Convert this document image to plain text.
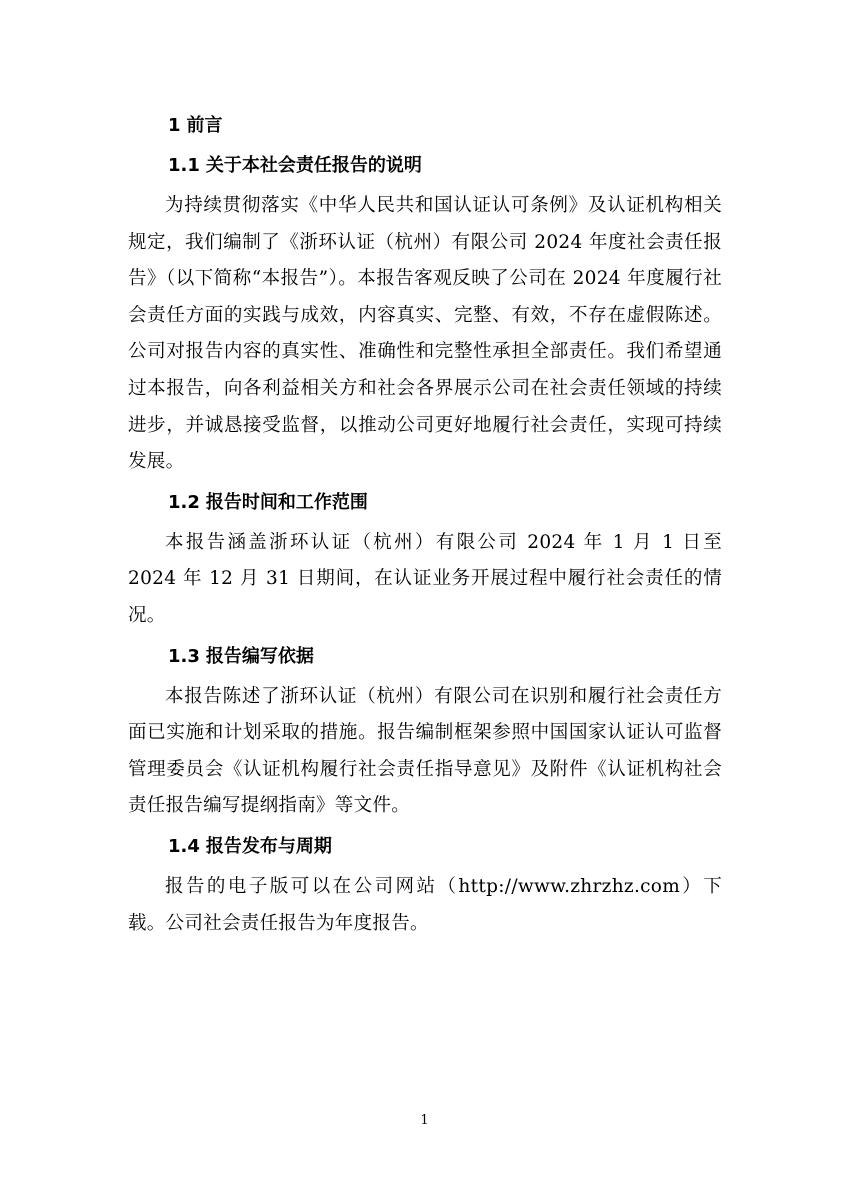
1 前言
1.1 关于本社会责任报告的说明

为持续贯彻落实《中华人民共和国认证认可条例》及认证机构相关规定，我们编制了《浙环认证（杭州）有限公司 2024 年度社会责任报告》（以下简称“本报告”）。本报告客观反映了公司在 2024 年度履行社会责任方面的实践与成效，内容真实、完整、有效，不存在虚假陈述。公司对报告内容的真实性、准确性和完整性承担全部责任。我们希望通过本报告，向各利益相关方和社会各界展示公司在社会责任领域的持续进步，并诚恳接受监督，以推动公司更好地履行社会责任，实现可持续发展。

1.2 报告时间和工作范围

本报告涵盖浙环认证（杭州）有限公司 2024 年 1 月 1 日至 2024 年 12 月 31 日期间，在认证业务开展过程中履行社会责任的情况。

1.3 报告编写依据

本报告陈述了浙环认证（杭州）有限公司在识别和履行社会责任方面已实施和计划采取的措施。报告编制框架参照中国国家认证认可监督管理委员会《认证机构履行社会责任指导意见》及附件《认证机构社会责任报告编写提纲指南》等文件。

1.4 报告发布与周期

报告的电子版可以在公司网站（http://www.zhrzhz.com）下载。公司社会责任报告为年度报告。

1
